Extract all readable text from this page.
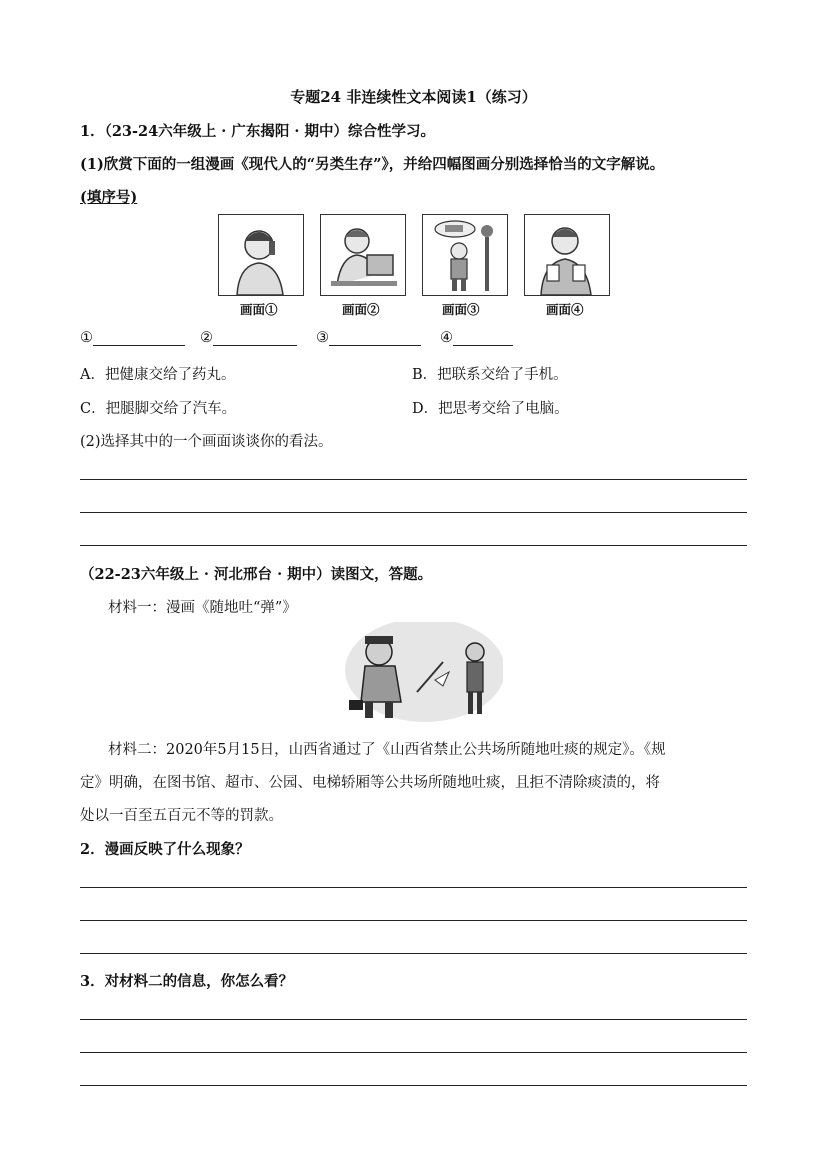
专题24 非连续性文本阅读1（练习）
1．（23-24六年级上 · 广东揭阳 · 期中）综合性学习。
(1)欣赏下面的一组漫画《现代人的“另类生存”》，并给四幅图画分别选择恰当的文字解说。
(填序号)
画面①	画面②	画面③	画面④
①	②	③	④
A．把健康交给了药丸。	B．把联系交给了手机。
C．把腿脚交给了汽车。	D．把思考交给了电脑。
(2)选择其中的一个画面谈谈你的看法。
（22-23六年级上 · 河北邢台 · 期中）读图文，答题。
材料一：漫画《随地吐“弹”》
材料二：2020年5月15日，山西省通过了《山西省禁止公共场所随地吐痰的规定》。《规
定》明确，在图书馆、超市、公园、电梯轿厢等公共场所随地吐痰，且拒不清除痰渍的，将
处以一百至五百元不等的罚款。
2．漫画反映了什么现象？
3．对材料二的信息，你怎么看？
